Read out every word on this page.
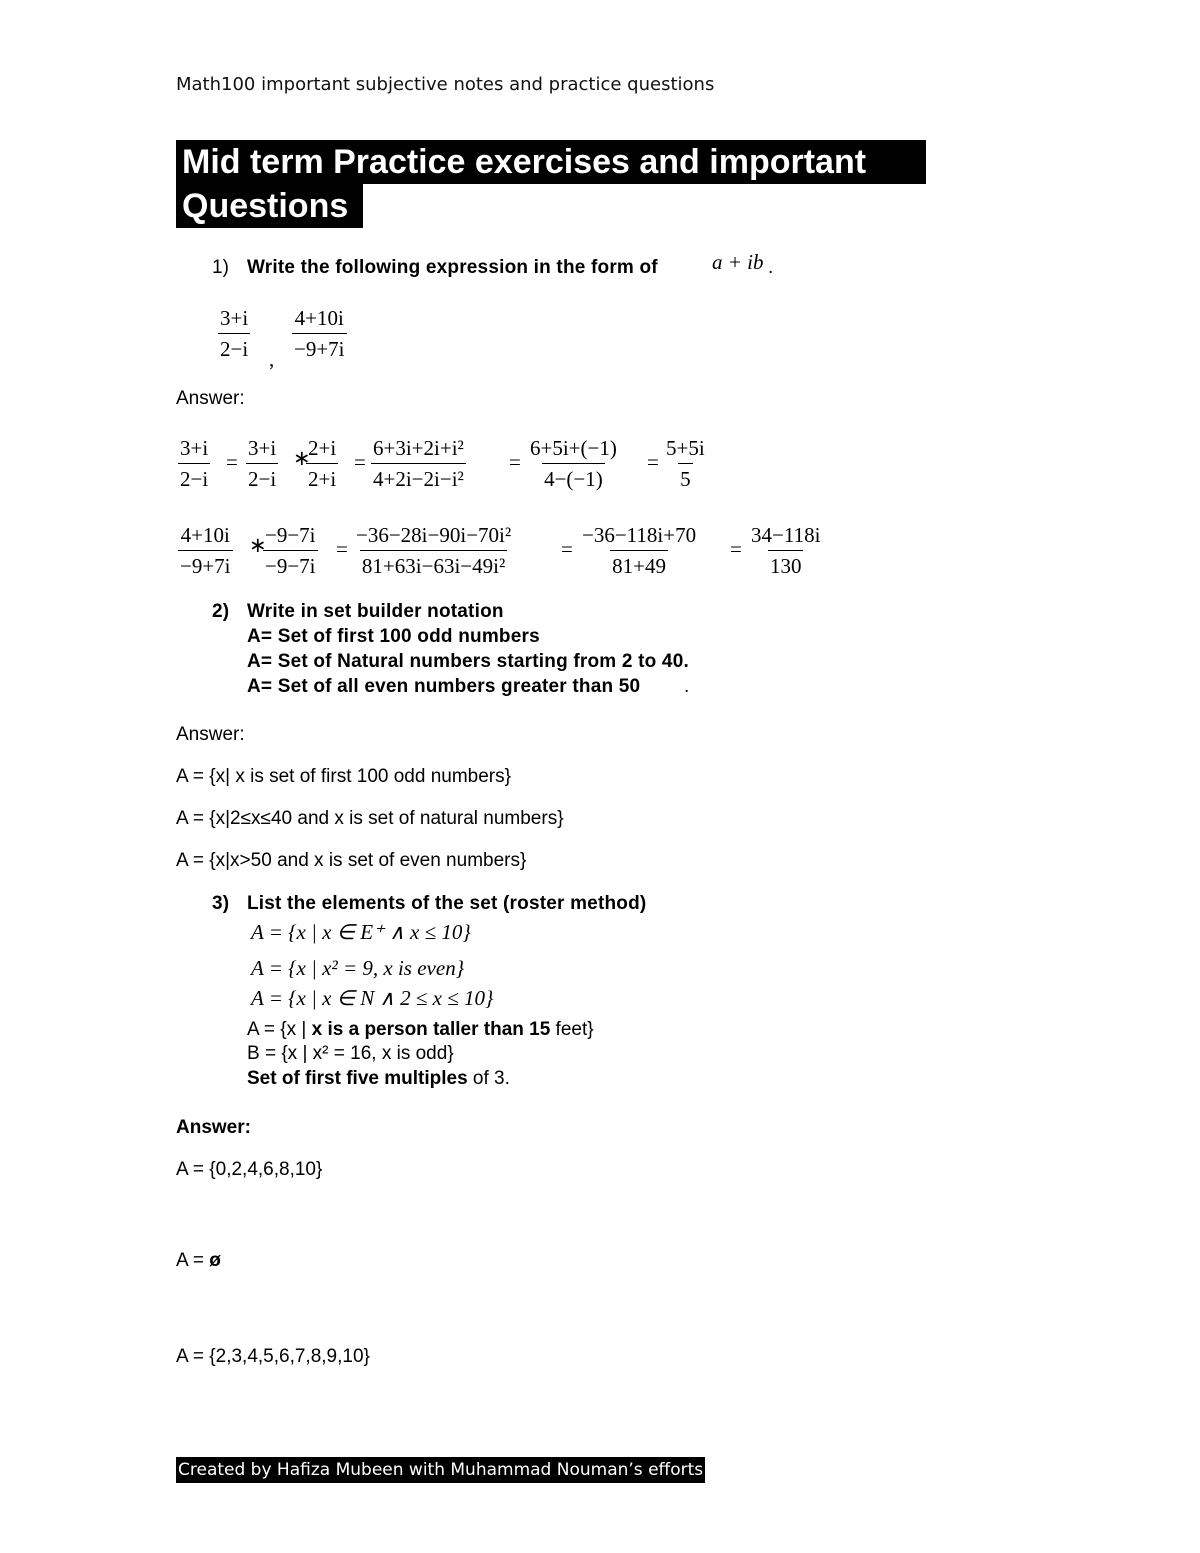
Math100 important subjective notes and practice questions
Mid term Practice exercises and important
Questions
1) Write the following expression in the form of	a + ib .
$\frac{3+i}{2-i}$ , $\frac{4+10i}{-9+7i}$
Answer:
$\frac{3+i}{2-i} = \frac{3+i}{2-i}$ ∗
$\frac{2+i}{2+i} = \frac{\text{6+3i+2i+i²}}{\text{4+2i−2i−i²}} = \frac{6+5i+(-1)}{4-(-1)} = \frac{5+5i}{5}$
$\frac{4+10i}{-9+7i}$ ∗
$\frac{-9-7i}{-9-7i} = \frac{\text{−36−28i−90i−70i²}}{\text{81+63i−63i−49i²}} = \frac{-36-118i+70}{81+49} = \frac{34-118i}{130}$
2) Write in set builder notation
A= Set of first 100 odd numbers
A= Set of Natural numbers starting from 2 to 40.
A= Set of all even numbers greater than 50 .
Answer:
A = {x| x is set of first 100 odd numbers}
A = {x|2≤x≤40 and x is set of natural numbers}
A = {x|x>50 and x is set of even numbers}
3) List the elements of the set (roster method)
A = {x | x ∈ E⁺ ∧ x ≤ 10}
A = {x | x² = 9, x is even}
A = {x | x ∈ N ∧ 2 ≤ x ≤ 10}
A = {x | x is a person taller than 15 feet}
B = {x | x² = 16, x is odd}
Set of first five multiples of 3.
Answer:
A = {0,2,4,6,8,10}
A = ø
A = {2,3,4,5,6,7,8,9,10}
Created by Hafiza Mubeen with Muhammad Nouman’s efforts
